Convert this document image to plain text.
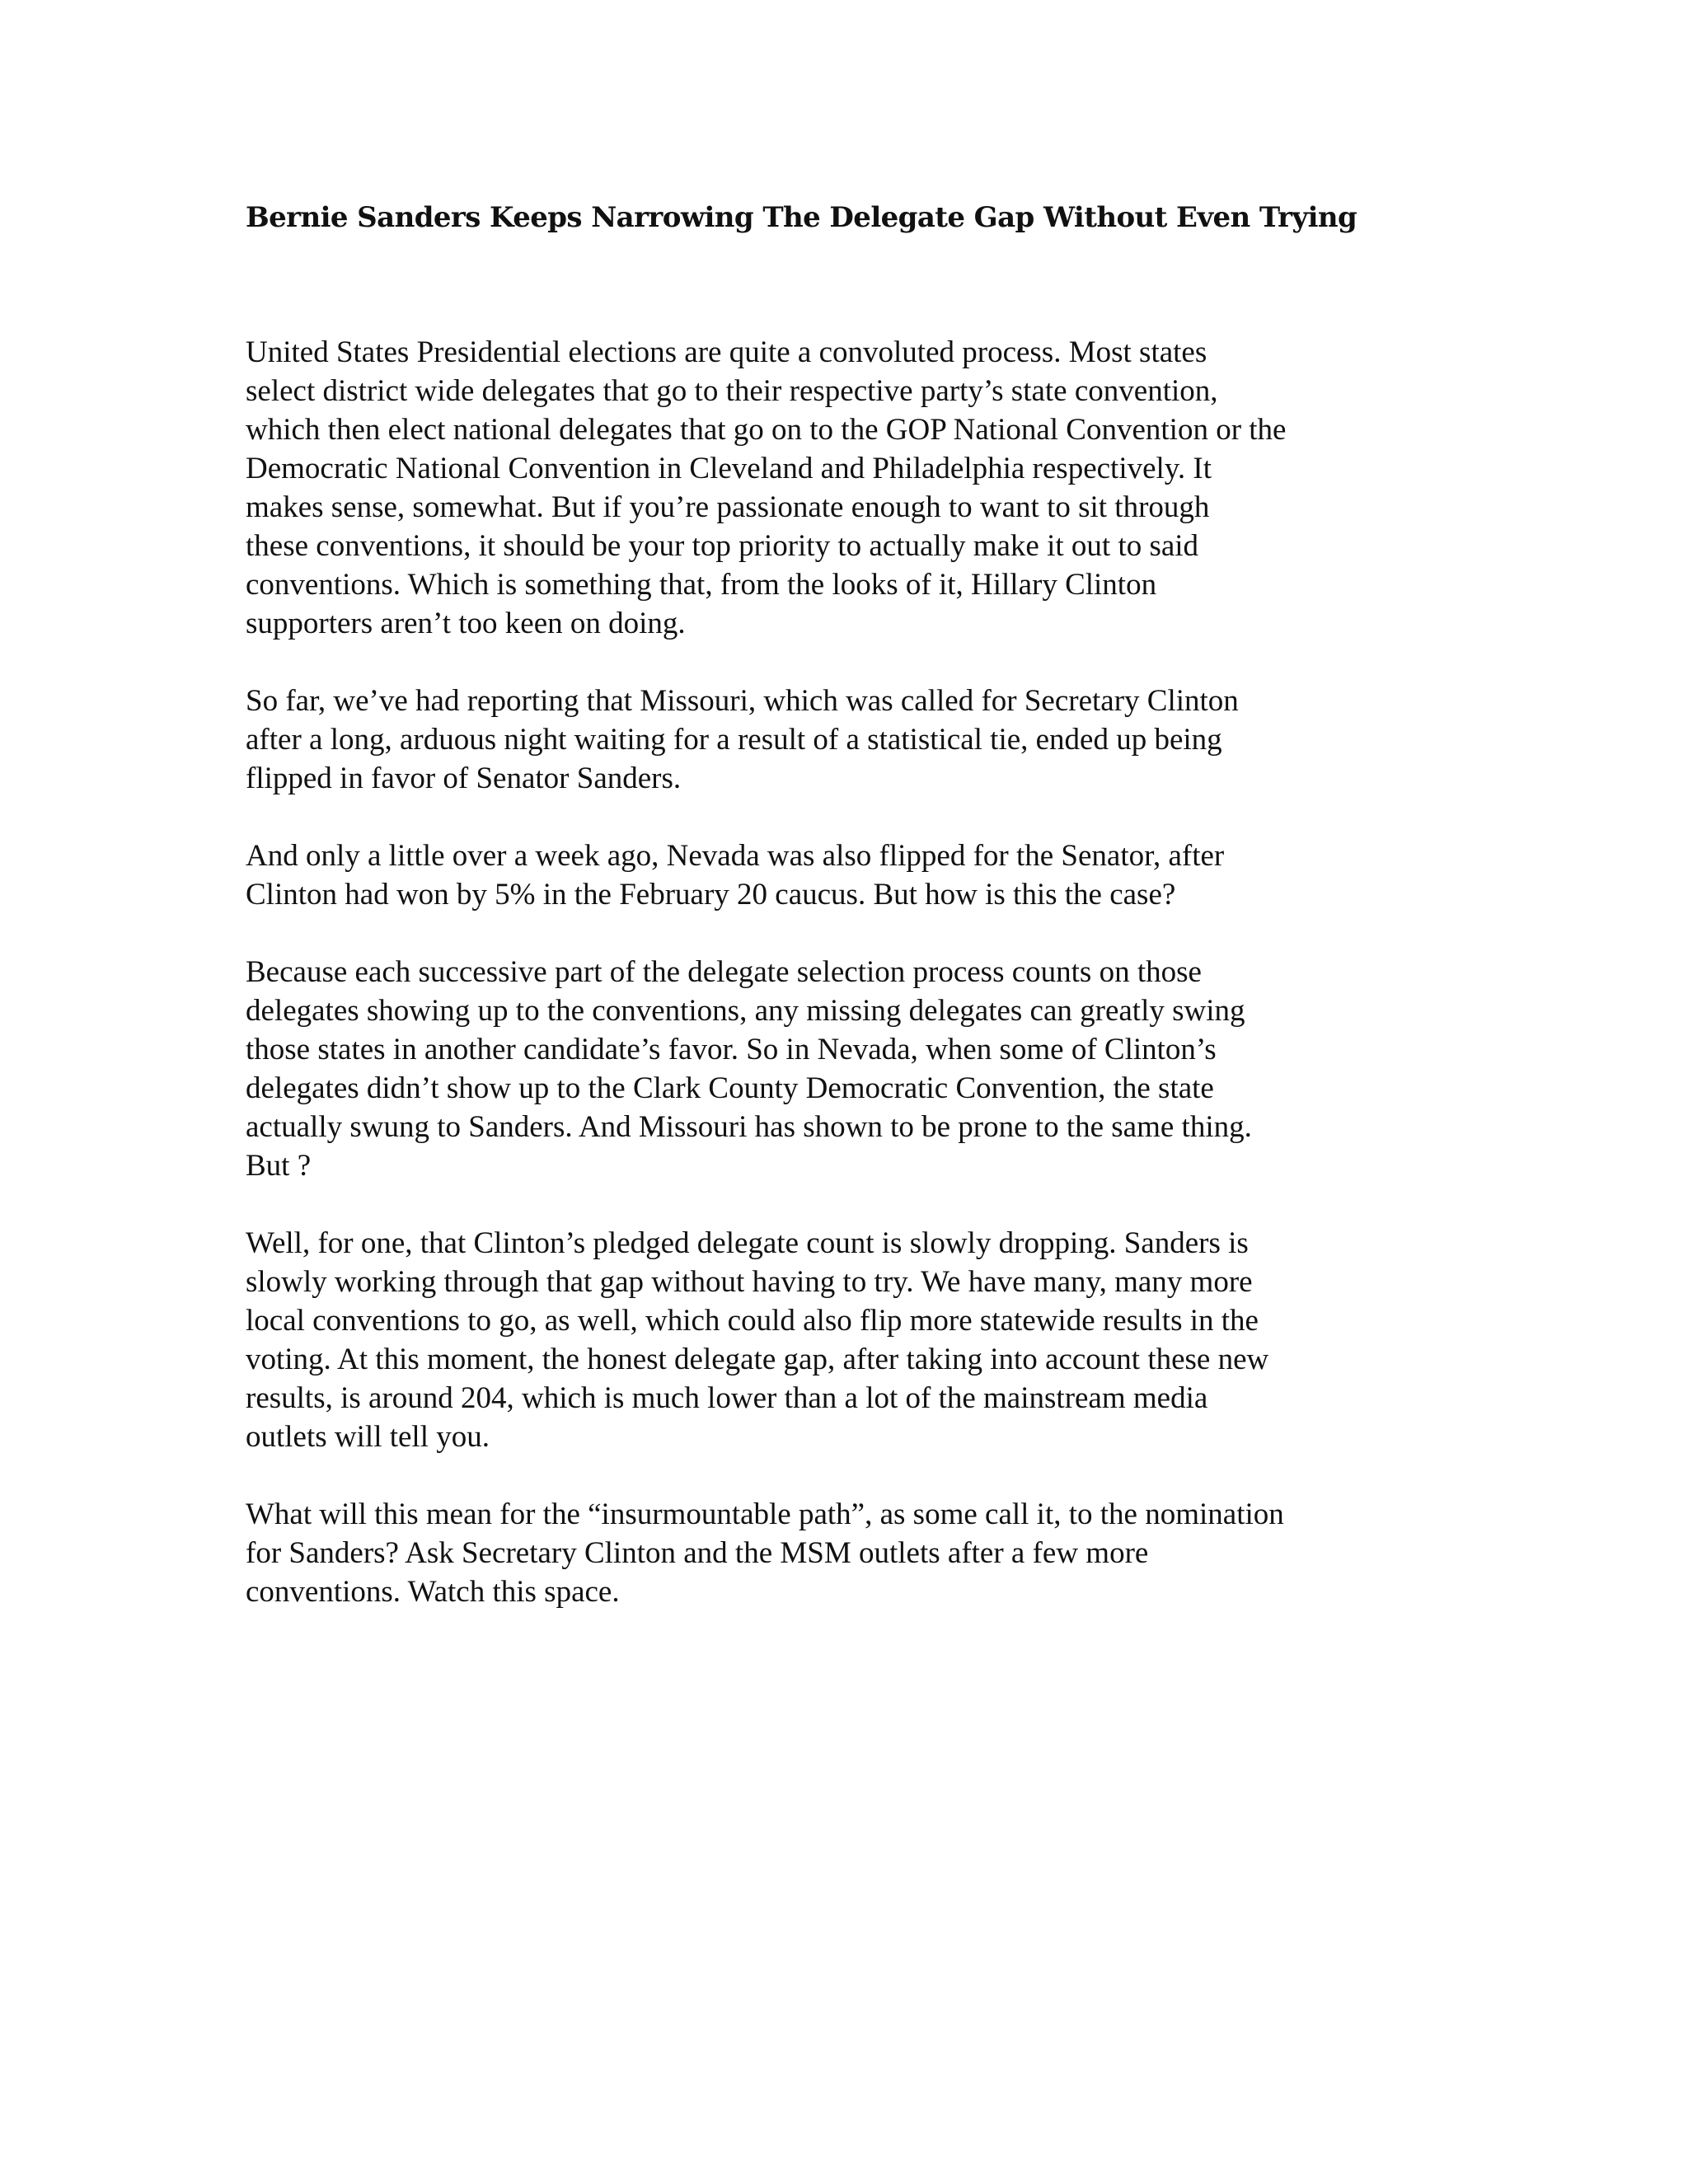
Bernie Sanders Keeps Narrowing The Delegate Gap Without Even Trying

United States Presidential elections are quite a convoluted process. Most states
select district wide delegates that go to their respective party’s state convention,
which then elect national delegates that go on to the GOP National Convention or the
Democratic National Convention in Cleveland and Philadelphia respectively. It
makes sense, somewhat. But if you’re passionate enough to want to sit through
these conventions, it should be your top priority to actually make it out to said
conventions. Which is something that, from the looks of it, Hillary Clinton
supporters aren’t too keen on doing.

So far, we’ve had reporting that Missouri, which was called for Secretary Clinton
after a long, arduous night waiting for a result of a statistical tie, ended up being
flipped in favor of Senator Sanders.

And only a little over a week ago, Nevada was also flipped for the Senator, after
Clinton had won by 5% in the February 20 caucus. But how is this the case?

Because each successive part of the delegate selection process counts on those
delegates showing up to the conventions, any missing delegates can greatly swing
those states in another candidate’s favor. So in Nevada, when some of Clinton’s
delegates didn’t show up to the Clark County Democratic Convention, the state
actually swung to Sanders. And Missouri has shown to be prone to the same thing.
But ?

Well, for one, that Clinton’s pledged delegate count is slowly dropping. Sanders is
slowly working through that gap without having to try. We have many, many more
local conventions to go, as well, which could also flip more statewide results in the
voting. At this moment, the honest delegate gap, after taking into account these new
results, is around 204, which is much lower than a lot of the mainstream media
outlets will tell you.

What will this mean for the “insurmountable path”, as some call it, to the nomination
for Sanders? Ask Secretary Clinton and the MSM outlets after a few more
conventions. Watch this space.
